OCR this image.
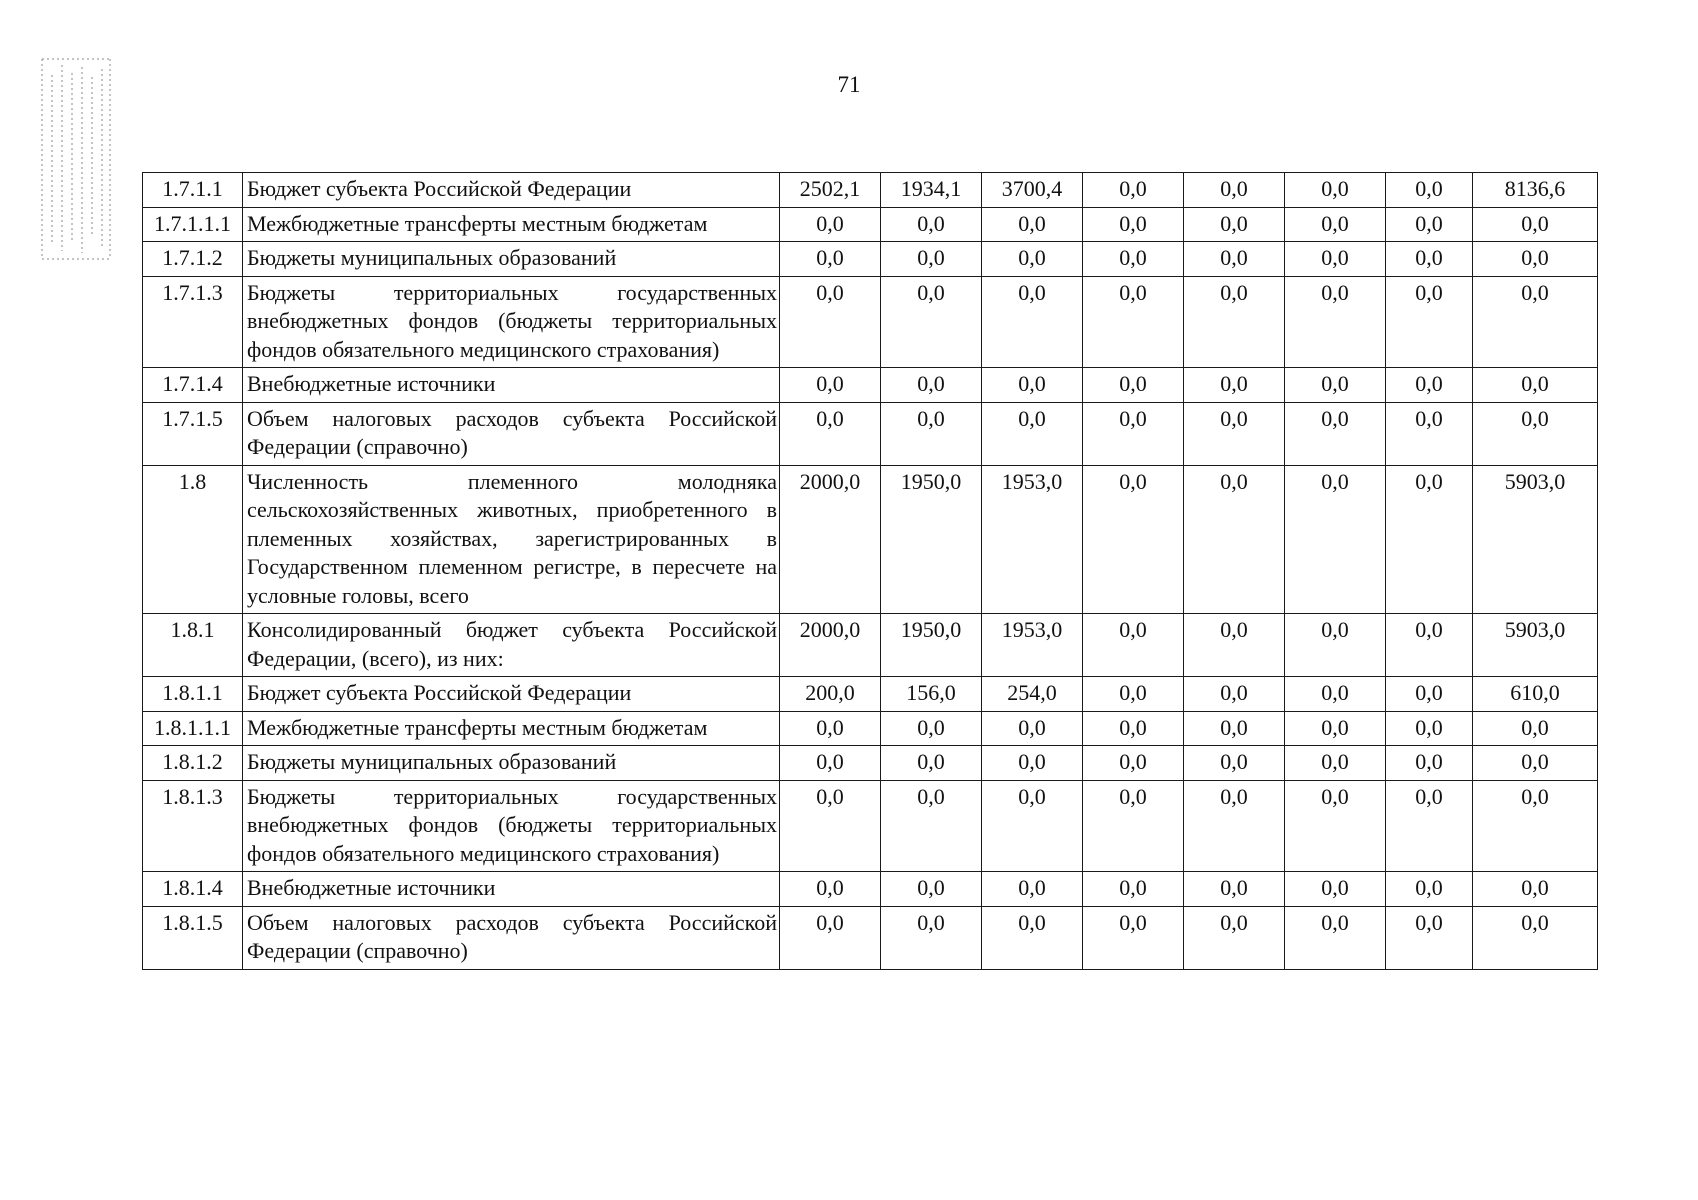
71
1.7.1.1	Бюджет субъекта Российской Федерации	2502,1	1934,1	3700,4	0,0	0,0	0,0	0,0	8136,6
1.7.1.1.1	Межбюджетные трансферты местным бюджетам	0,0	0,0	0,0	0,0	0,0	0,0	0,0	0,0
1.7.1.2	Бюджеты муниципальных образований	0,0	0,0	0,0	0,0	0,0	0,0	0,0	0,0
1.7.1.3	Бюджеты территориальных государственных внебюджетных фондов (бюджеты территориальных фондов обязательного медицинского страхования)	0,0	0,0	0,0	0,0	0,0	0,0	0,0	0,0
1.7.1.4	Внебюджетные источники	0,0	0,0	0,0	0,0	0,0	0,0	0,0	0,0
1.7.1.5	Объем налоговых расходов субъекта Российской Федерации (справочно)	0,0	0,0	0,0	0,0	0,0	0,0	0,0	0,0
1.8	Численность племенного молодняка сельскохозяйственных животных, приобретенного в племенных хозяйствах, зарегистрированных в Государственном племенном регистре, в пересчете на условные головы, всего	2000,0	1950,0	1953,0	0,0	0,0	0,0	0,0	5903,0
1.8.1	Консолидированный бюджет субъекта Российской Федерации, (всего), из них:	2000,0	1950,0	1953,0	0,0	0,0	0,0	0,0	5903,0
1.8.1.1	Бюджет субъекта Российской Федерации	200,0	156,0	254,0	0,0	0,0	0,0	0,0	610,0
1.8.1.1.1	Межбюджетные трансферты местным бюджетам	0,0	0,0	0,0	0,0	0,0	0,0	0,0	0,0
1.8.1.2	Бюджеты муниципальных образований	0,0	0,0	0,0	0,0	0,0	0,0	0,0	0,0
1.8.1.3	Бюджеты территориальных государственных внебюджетных фондов (бюджеты территориальных фондов обязательного медицинского страхования)	0,0	0,0	0,0	0,0	0,0	0,0	0,0	0,0
1.8.1.4	Внебюджетные источники	0,0	0,0	0,0	0,0	0,0	0,0	0,0	0,0
1.8.1.5	Объем налоговых расходов субъекта Российской Федерации (справочно)	0,0	0,0	0,0	0,0	0,0	0,0	0,0	0,0
